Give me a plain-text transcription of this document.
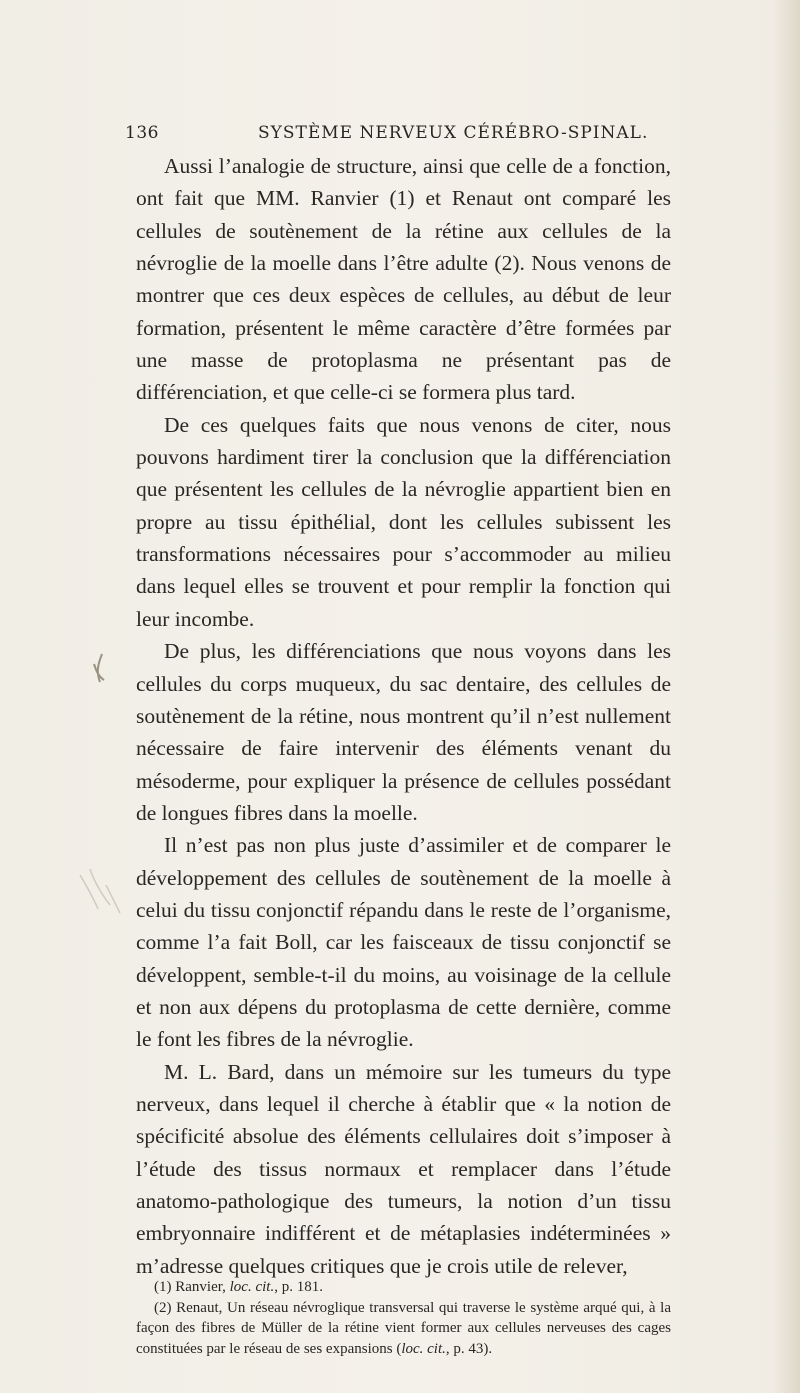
136	SYSTÈME NERVEUX CÉRÉBRO-SPINAL.

Aussi l’analogie de structure, ainsi que celle de a fonction, ont fait que MM. Ranvier (1) et Renaut ont comparé les cellules de soutènement de la rétine aux cellules de la névroglie de la moelle dans l’être adulte (2). Nous venons de montrer que ces deux espèces de cellules, au début de leur formation, présentent le même caractère d’être formées par une masse de protoplasma ne présentant pas de différenciation, et que celle-ci se formera plus tard.

De ces quelques faits que nous venons de citer, nous pouvons hardiment tirer la conclusion que la différenciation que présentent les cellules de la névroglie appartient bien en propre au tissu épithélial, dont les cellules subissent les transformations nécessaires pour s’accommoder au milieu dans lequel elles se trouvent et pour remplir la fonction qui leur incombe.

De plus, les différenciations que nous voyons dans les cellules du corps muqueux, du sac dentaire, des cellules de soutènement de la rétine, nous montrent qu’il n’est nullement nécessaire de faire intervenir des éléments venant du mésoderme, pour expliquer la présence de cellules possédant de longues fibres dans la moelle.

Il n’est pas non plus juste d’assimiler et de comparer le développement des cellules de soutènement de la moelle à celui du tissu conjonctif répandu dans le reste de l’organisme, comme l’a fait Boll, car les faisceaux de tissu conjonctif se développent, semble-t-il du moins, au voisinage de la cellule et non aux dépens du protoplasma de cette dernière, comme le font les fibres de la névroglie.

M. L. Bard, dans un mémoire sur les tumeurs du type nerveux, dans lequel il cherche à établir que « la notion de spécificité absolue des éléments cellulaires doit s’imposer à l’étude des tissus normaux et remplacer dans l’étude anatomo-pathologique des tumeurs, la notion d’un tissu embryonnaire indifférent et de métaplasies indéterminées » m’adresse quelques critiques que je crois utile de relever,

(1) Ranvier, loc. cit., p. 181.

(2) Renaut, Un réseau névroglique transversal qui traverse le système arqué qui, à la façon des fibres de Müller de la rétine vient former aux cellules nerveuses des cages constituées par le réseau de ses expansions (loc. cit., p. 43).
